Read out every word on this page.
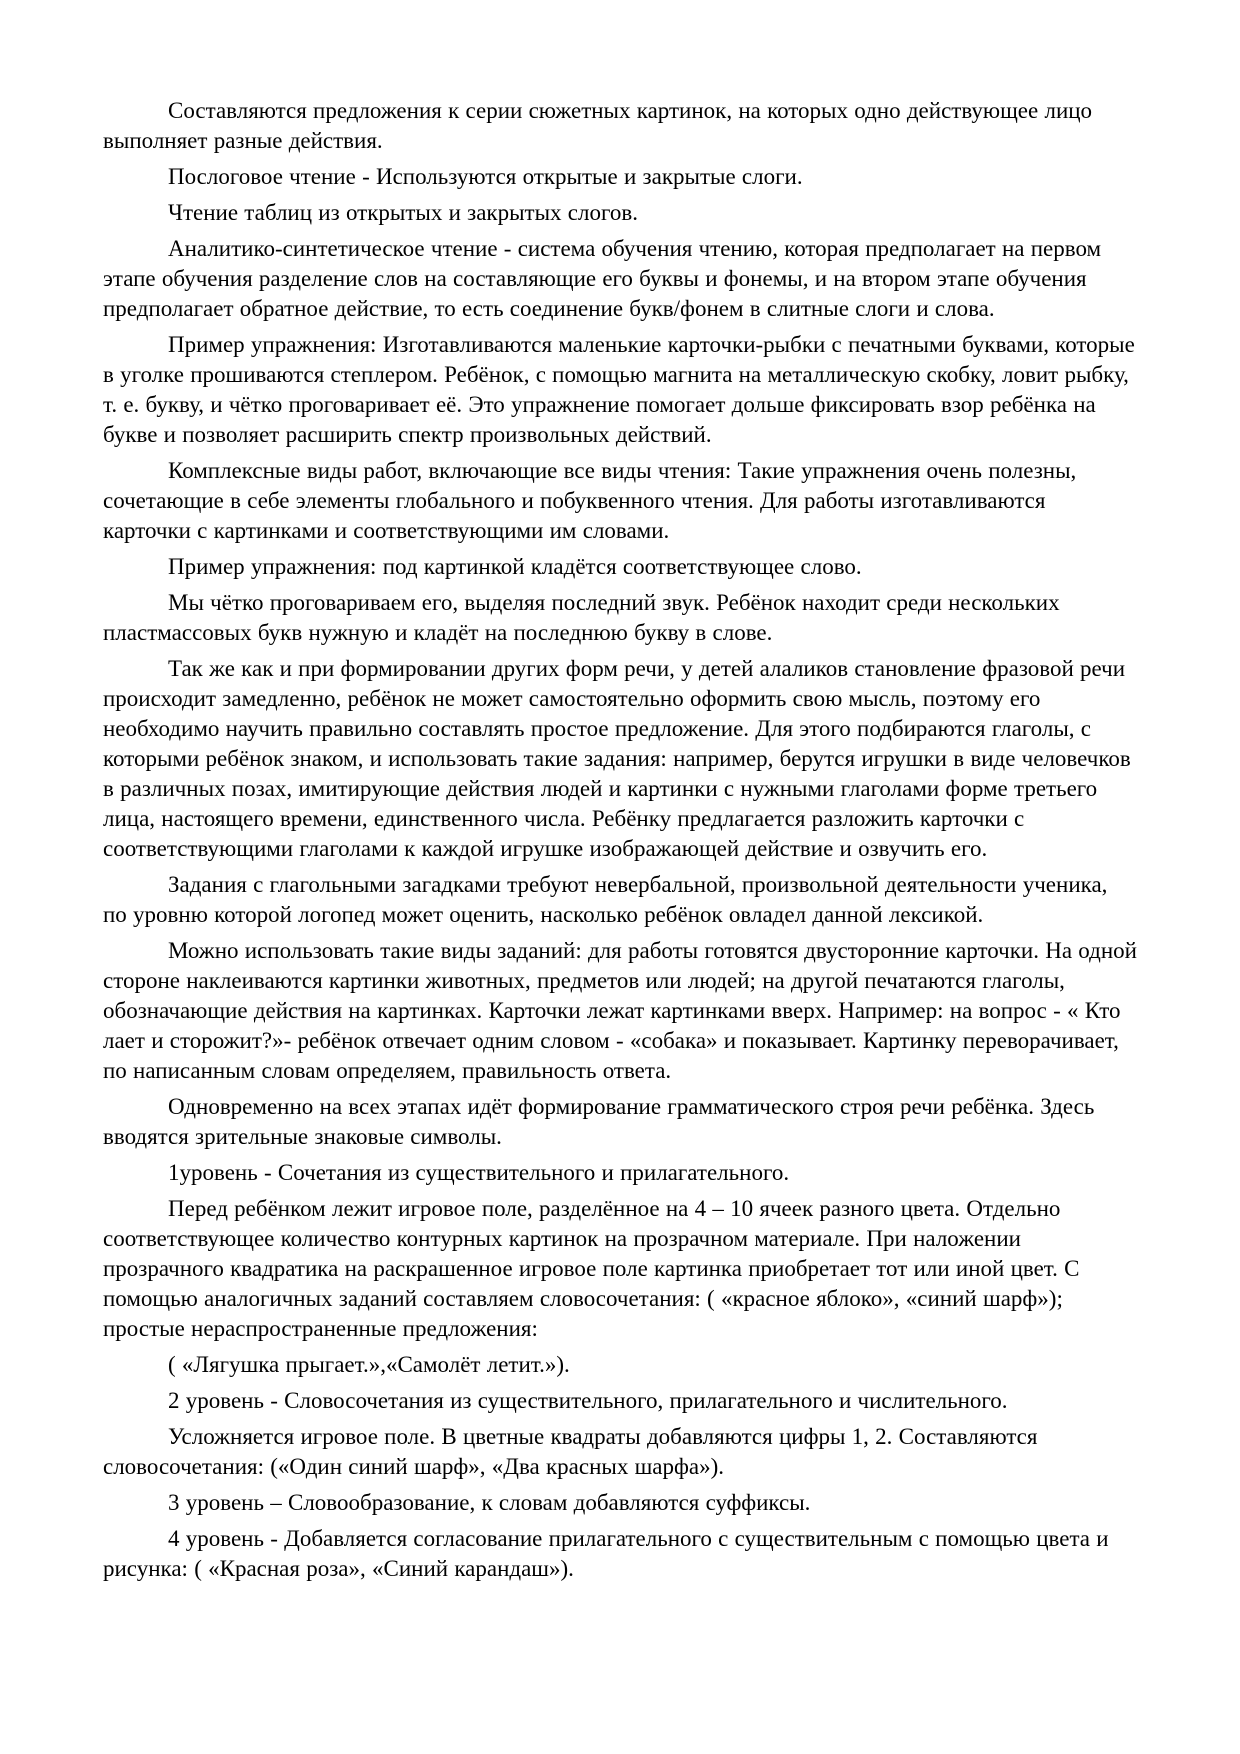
Составляются предложения к серии сюжетных картинок, на которых одно действующее лицо выполняет разные действия.

Послоговое чтение - Используются открытые и закрытые слоги.

Чтение таблиц из открытых и закрытых слогов.

Аналитико-синтетическое чтение - система обучения чтению, которая предполагает на первом этапе обучения разделение слов на составляющие его буквы и фонемы, и на втором этапе обучения предполагает обратное действие, то есть соединение букв/фонем в слитные слоги и слова.

Пример упражнения: Изготавливаются маленькие карточки-рыбки с печатными буквами, которые в уголке прошиваются степлером. Ребёнок, с помощью магнита на металлическую скобку, ловит рыбку, т. е. букву, и чётко проговаривает её. Это упражнение помогает дольше фиксировать взор ребёнка на букве и позволяет расширить спектр произвольных действий.

Комплексные виды работ, включающие все виды чтения: Такие упражнения очень полезны, сочетающие в себе элементы глобального и побуквенного чтения. Для работы изготавливаются карточки с картинками и соответствующими им словами.

Пример упражнения: под картинкой кладётся соответствующее слово.

Мы чётко проговариваем его, выделяя последний звук. Ребёнок находит среди нескольких пластмассовых букв нужную и кладёт на последнюю букву в слове.

Так же как и при формировании других форм речи, у детей алаликов становление фразовой речи происходит замедленно, ребёнок не может самостоятельно оформить свою мысль, поэтому его необходимо научить правильно составлять простое предложение. Для этого подбираются глаголы, с которыми ребёнок знаком, и использовать такие задания: например, берутся игрушки в виде человечков в различных позах, имитирующие действия людей и картинки с нужными глаголами форме третьего лица, настоящего времени, единственного числа. Ребёнку предлагается разложить карточки с соответствующими глаголами к каждой игрушке изображающей действие и озвучить его.

Задания с глагольными загадками требуют невербальной, произвольной деятельности ученика, по уровню которой логопед может оценить, насколько ребёнок овладел данной лексикой.

Можно использовать такие виды заданий: для работы готовятся двусторонние карточки. На одной стороне наклеиваются картинки животных, предметов или людей; на другой печатаются глаголы, обозначающие действия на картинках. Карточки лежат картинками вверх. Например: на вопрос - « Кто лает и сторожит?»- ребёнок отвечает одним словом - «собака» и показывает. Картинку переворачивает, по написанным словам определяем, правильность ответа.

Одновременно на всех этапах идёт формирование грамматического строя речи ребёнка. Здесь вводятся зрительные знаковые символы.

1уровень - Сочетания из существительного и прилагательного.

Перед ребёнком лежит игровое поле, разделённое на 4 – 10 ячеек разного цвета. Отдельно соответствующее количество контурных картинок на прозрачном материале. При наложении прозрачного квадратика на раскрашенное игровое поле картинка приобретает тот или иной цвет. С помощью аналогичных заданий составляем словосочетания: ( «красное яблоко», «синий шарф»); простые нераспространенные предложения:

( «Лягушка прыгает.»,«Самолёт летит.»).

2 уровень - Словосочетания из существительного, прилагательного и числительного.

Усложняется игровое поле. В цветные квадраты добавляются цифры 1, 2. Составляются словосочетания: («Один синий шарф», «Два красных шарфа»).

3 уровень – Словообразование, к словам добавляются суффиксы.

4 уровень - Добавляется согласование прилагательного с существительным с помощью цвета и рисунка: ( «Красная роза», «Синий карандаш»).
